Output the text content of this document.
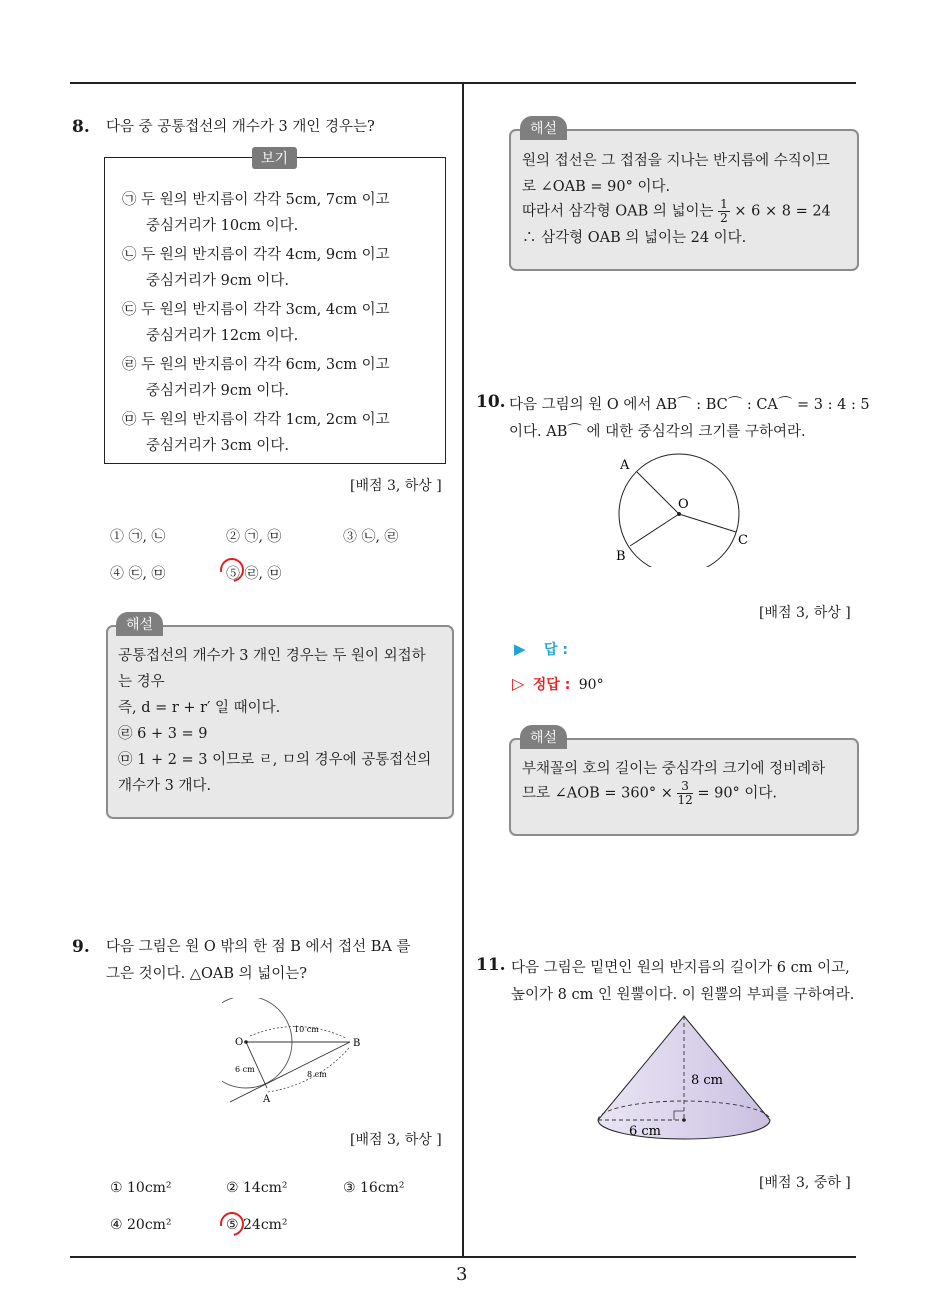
3
8. 다음 중 공통접선의 개수가 3 개인 경우는?
보기
㉠ 두 원의 반지름이 각각 5cm, 7cm 이고
중심거리가 10cm 이다.
㉡ 두 원의 반지름이 각각 4cm, 9cm 이고
중심거리가 9cm 이다.
㉢ 두 원의 반지름이 각각 3cm, 4cm 이고
중심거리가 12cm 이다.
㉣ 두 원의 반지름이 각각 6cm, 3cm 이고
중심거리가 9cm 이다.
㉤ 두 원의 반지름이 각각 1cm, 2cm 이고
중심거리가 3cm 이다.
[배점 3, 하상 ]
① ㉠, ㉡	② ㉠, ㉤	③ ㉡, ㉣
④ ㉢, ㉤	⑤ ㉣, ㉤
해설
공통접선의 개수가 3 개인 경우는 두 원이 외접하
는 경우
즉, d = r + r′ 일 때이다.
㉣ 6 + 3 = 9
㉤ 1 + 2 = 3 이므로 ㄹ, ㅁ의 경우에 공통접선의
개수가 3 개다.
9. 다음 그림은 원 O 밖의 한 점 B 에서 접선 BA 를
그은 것이다. △OAB 의 넓이는?
O	B
A
10 cm
6 cm
8 cm
[배점 3, 하상 ]
① 10cm²	② 14cm²	③ 16cm²
④ 20cm²	⑤ 24cm²
해설
원의 접선은 그 접점을 지나는 반지름에 수직이므
로 ∠OAB = 90° 이다.
따라서 삼각형 OAB 의 넓이는 $\frac{1}{2} \times 6 \times 8 = 24$
∴ 삼각형 OAB 의 넓이는 24 이다.
10. 다음 그림의 원 O 에서 AB⌒ : BC⌒ : CA⌒ = 3 : 4 : 5
이다. AB⌒ 에 대한 중심각의 크기를 구하여라.
A
O
B
C
[배점 3, 하상 ]
▶ 답 :
▷ 정답 : 90°
해설
부채꼴의 호의 길이는 중심각의 크기에 정비례하
므로 ∠AOB = $360^\circ \times \frac{3}{12} = 90^\circ$ 이다.
11. 다음 그림은 밑면인 원의 반지름의 길이가 6 cm 이고,
높이가 8 cm 인 원뿔이다. 이 원뿔의 부피를 구하여라.
8 cm
6 cm
[배점 3, 중하 ]
